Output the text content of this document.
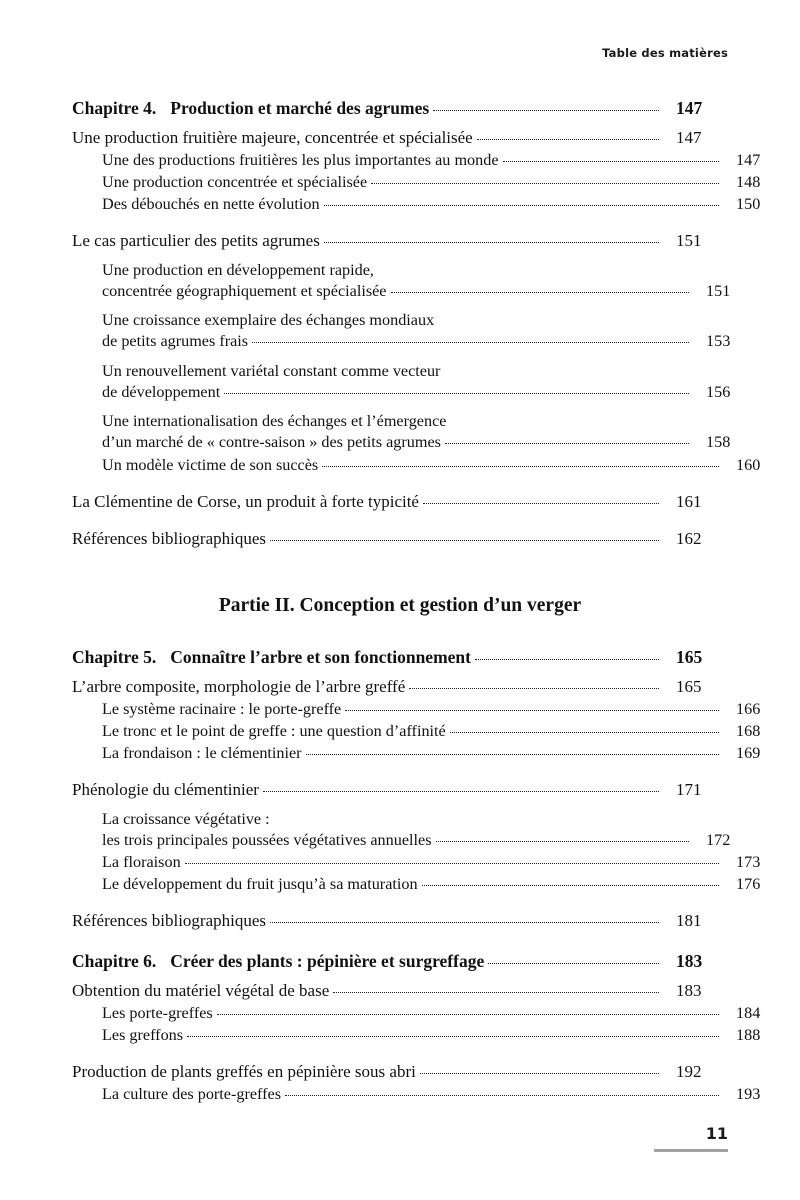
Table des matières
Chapitre 4. Production et marché des agrumes	147
Une production fruitière majeure, concentrée et spécialisée	147
Une des productions fruitières les plus importantes au monde	147
Une production concentrée et spécialisée	148
Des débouchés en nette évolution	150
Le cas particulier des petits agrumes	151
Une production en développement rapide,
concentrée géographiquement et spécialisée	151
Une croissance exemplaire des échanges mondiaux
de petits agrumes frais	153
Un renouvellement variétal constant comme vecteur
de développement	156
Une internationalisation des échanges et l’émergence
d’un marché de « contre-saison » des petits agrumes	158
Un modèle victime de son succès	160
La Clémentine de Corse, un produit à forte typicité	161
Références bibliographiques	162
Partie II. Conception et gestion d’un verger
Chapitre 5. Connaître l’arbre et son fonctionnement	165
L’arbre composite, morphologie de l’arbre greffé	165
Le système racinaire : le porte-greffe	166
Le tronc et le point de greffe : une question d’affinité	168
La frondaison : le clémentinier	169
Phénologie du clémentinier	171
La croissance végétative :
les trois principales poussées végétatives annuelles	172
La floraison	173
Le développement du fruit jusqu’à sa maturation	176
Références bibliographiques	181
Chapitre 6. Créer des plants : pépinière et surgreffage	183
Obtention du matériel végétal de base	183
Les porte-greffes	184
Les greffons	188
Production de plants greffés en pépinière sous abri	192
La culture des porte-greffes	193
11
